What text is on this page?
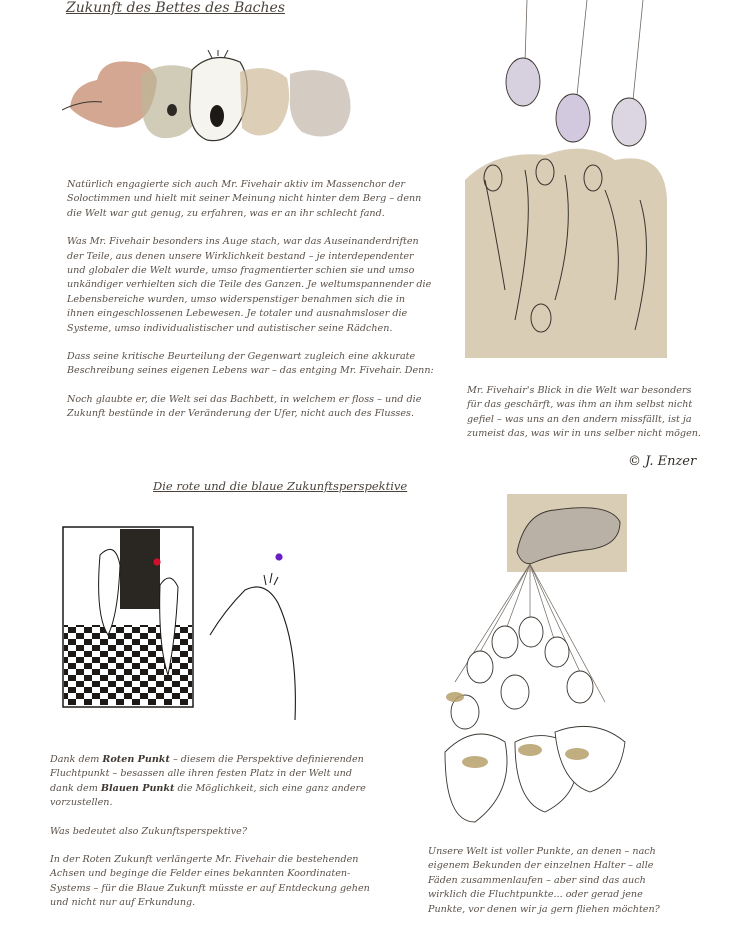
Zukunft des Bettes des Baches
Natürlich engagierte sich auch Mr. Fivehair aktiv im Massenchor der Soloctimmen und hielt mit seiner Meinung nicht hinter dem Berg – denn die Welt war gut genug, zu erfahren, was er an ihr schlecht fand.
Was Mr. Fivehair besonders ins Auge stach, war das Auseinanderdriften der Teile, aus denen unsere Wirklichkeit bestand – je interdependenter und globaler die Welt wurde, umso fragmentierter schien sie und umso unkändiger verhielten sich die Teile des Ganzen. Je weltumspannender die Lebensbereiche wurden, umso widerspenstiger benahmen sich die in ihnen eingeschlossenen Lebewesen. Je totaler und ausnahmsloser die Systeme, umso individualistischer und autistischer seine Rädchen.
Dass seine kritische Beurteilung der Gegenwart zugleich eine akkurate Beschreibung seines eigenen Lebens war – das entging Mr. Fivehair. Denn:
Noch glaubte er, die Welt sei das Bachbett, in welchem er floss – und die Zukunft bestünde in der Veränderung der Ufer, nicht auch des Flusses.
Mr. Fivehair's Blick in die Welt war besonders für das geschärft, was ihm an ihm selbst nicht gefiel – was uns an den andern missfällt, ist ja zumeist das, was wir in uns selber nicht mögen.
© J. Enzer
Die rote und die blaue Zukunftsperspektive
Dank dem Roten Punkt – diesem die Perspektive definierenden Fluchtpunkt – besassen alle ihren festen Platz in der Welt und dank dem Blauen Punkt die Möglichkeit, sich eine ganz andere vorzustellen.
Was bedeutet also Zukunftsperspektive?
In der Roten Zukunft verlängerte Mr. Fivehair die bestehenden Achsen und beginge die Felder eines bekannten Koordinaten-Systems – für die Blaue Zukunft müsste er auf Entdeckung gehen und nicht nur auf Erkundung.
Unsere Welt ist voller Punkte, an denen – nach eigenem Bekunden der einzelnen Halter – alle Fäden zusammenlaufen – aber sind das auch wirklich die Fluchtpunkte... oder gerad jene Punkte, vor denen wir ja gern fliehen möchten?
